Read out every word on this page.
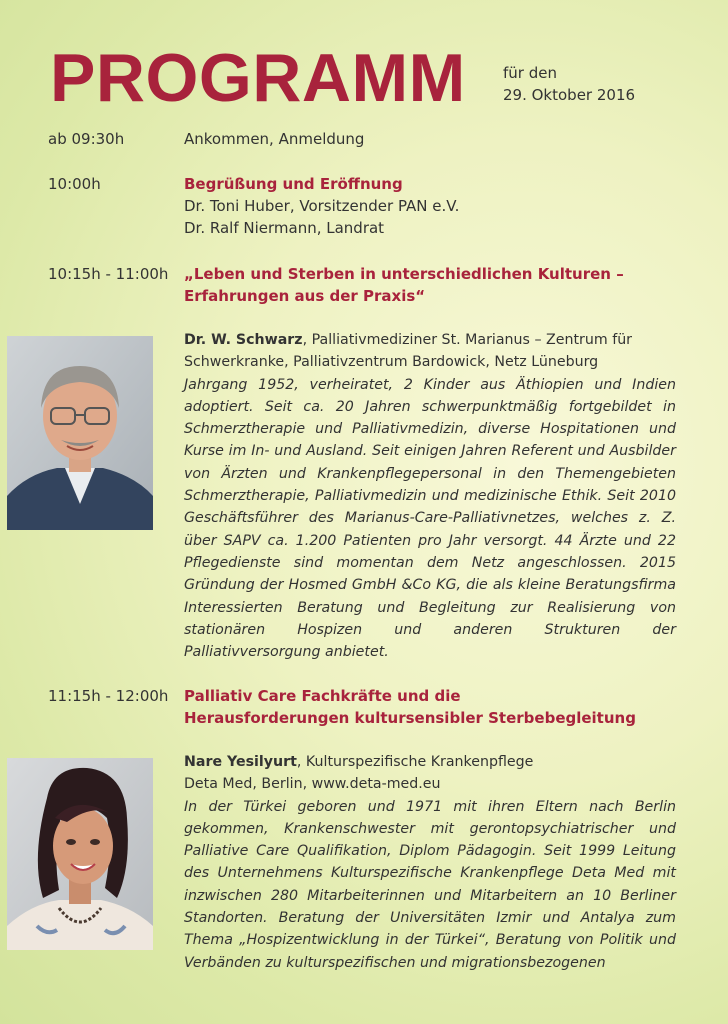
PROGRAMM für den
29. Oktober 2016
ab 09:30h	Ankommen, Anmeldung
10:00h	Begrüßung und Eröffnung
Dr. Toni Huber, Vorsitzender PAN e.V.
Dr. Ralf Niermann, Landrat
10:15h - 11:00h „Leben und Sterben in unterschiedlichen Kulturen –
Erfahrungen aus der Praxis“

Dr. W. Schwarz, Palliativmediziner St. Marianus – Zentrum für Schwerkranke, Palliativzentrum Bardowick, Netz Lüneburg

Jahrgang 1952, verheiratet, 2 Kinder aus Äthiopien und Indien adoptiert. Seit ca. 20 Jahren schwerpunktmäßig fortgebildet in Schmerztherapie und Palliativmedizin, diverse Hospitationen und Kurse im In- und Ausland. Seit einigen Jahren Referent und Ausbilder von Ärzten und Krankenpflegepersonal in den Themengebieten Schmerztherapie, Palliativmedizin und medizinische Ethik. Seit 2010 Geschäftsführer des Marianus-Care-Palliativnetzes, welches z. Z. über SAPV ca. 1.200 Patienten pro Jahr versorgt. 44 Ärzte und 22 Pflegedienste sind momentan dem Netz angeschlossen. 2015 Gründung der Hosmed GmbH &Co KG, die als kleine Beratungsfirma Interessierten Beratung und Begleitung zur Realisierung von stationären Hospizen und anderen Strukturen der Palliativversorgung anbietet.

11:15h - 12:00h Palliativ Care Fachkräfte und die
Herausforderungen kultursensibler Sterbebegleitung

Nare Yesilyurt, Kulturspezifische Krankenpflege

Deta Med, Berlin, www.deta-med.eu

In der Türkei geboren und 1971 mit ihren Eltern nach Berlin gekommen, Krankenschwester mit gerontopsychiatrischer und Palliative Care Qualifikation, Diplom Pädagogin. Seit 1999 Leitung des Unternehmens Kulturspezifische Krankenpflege Deta Med mit inzwischen 280 Mitarbeiterinnen und Mitarbeitern an 10 Berliner Standorten. Beratung der Universitäten Izmir und Antalya zum Thema „Hospizentwicklung in der Türkei“, Beratung von Politik und Verbänden zu kulturspezifischen und migrationsbezogenen
